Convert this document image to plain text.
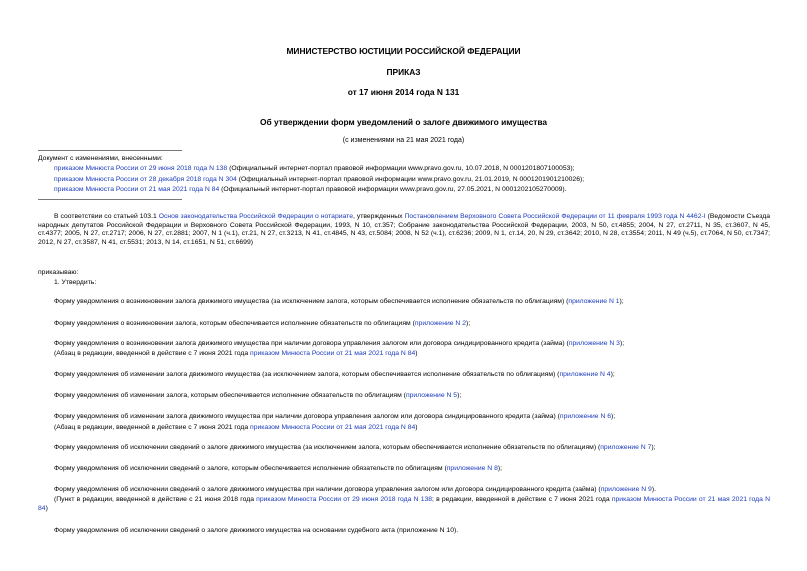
МИНИСТЕРСТВО ЮСТИЦИИ РОССИЙСКОЙ ФЕДЕРАЦИИ
ПРИКАЗ
от 17 июня 2014 года N 131
Об утверждении форм уведомлений о залоге движимого имущества
(с изменениями на 21 мая 2021 года)
Документ с изменениями, внесенными:
приказом Минюста России от 29 июня 2018 года N 138 (Официальный интернет-портал правовой информации www.pravo.gov.ru, 10.07.2018, N 0001201807100053);
приказом Минюста России от 28 декабря 2018 года N 304 (Официальный интернет-портал правовой информации www.pravo.gov.ru, 21.01.2019, N 0001201901210026);
приказом Минюста России от 21 мая 2021 года N 84 (Официальный интернет-портал правовой информации www.pravo.gov.ru, 27.05.2021, N 0001202105270009).
В соответствии со статьей 103.1 Основ законодательства Российской Федерации о нотариате, утвержденных Постановлением Верховного Совета Российской Федерации от 11 февраля 1993 года N 4462-I (Ведомости Съезда народных депутатов Российской Федерации и Верховного Совета Российской Федерации, 1993, N 10, ст.357; Собрание законодательства Российской Федерации, 2003, N 50, ст.4855; 2004, N 27, ст.2711, N 35, ст.3607, N 45, ст.4377; 2005, N 27, ст.2717; 2006, N 27, ст.2881; 2007, N 1 (ч.1), ст.21, N 27, ст.3213, N 41, ст.4845, N 43, ст.5084; 2008, N 52 (ч.1), ст.6236; 2009, N 1, ст.14, 20, N 29, ст.3642; 2010, N 28, ст.3554; 2011, N 49 (ч.5), ст.7064, N 50, ст.7347; 2012, N 27, ст.3587, N 41, ст.5531; 2013, N 14, ст.1651, N 51, ст.6699)
приказываю:
1. Утвердить:
Форму уведомления о возникновении залога движимого имущества (за исключением залога, которым обеспечивается исполнение обязательств по облигациям) (приложение N 1);
Форму уведомления о возникновении залога, которым обеспечивается исполнение обязательств по облигациям (приложение N 2);
Форму уведомления о возникновении залога движимого имущества при наличии договора управления залогом или договора синдицированного кредита (займа) (приложение N 3);
(Абзац в редакции, введенной в действие с 7 июня 2021 года приказом Минюста России от 21 мая 2021 года N 84)
Форму уведомления об изменении залога движимого имущества (за исключением залога, которым обеспечивается исполнение обязательств по облигациям) (приложение N 4);
Форму уведомления об изменении залога, которым обеспечивается исполнение обязательств по облигациям (приложение N 5);
Форму уведомления об изменении залога движимого имущества при наличии договора управления залогом или договора синдицированного кредита (займа) (приложение N 6);
(Абзац в редакции, введенной в действие с 7 июня 2021 года приказом Минюста России от 21 мая 2021 года N 84)
Форму уведомления об исключении сведений о залоге движимого имущества (за исключением залога, которым обеспечивается исполнение обязательств по облигациям) (приложение N 7);
Форму уведомления об исключении сведений о залоге, которым обеспечивается исполнение обязательств по облигациям (приложение N 8);
Форму уведомления об исключении сведений о залоге движимого имущества при наличии договора управления залогом или договора синдицированного кредита (займа) (приложение N 9).
(Пункт в редакции, введенной в действие с 21 июня 2018 года приказом Минюста России от 29 июня 2018 года N 138; в редакции, введенной в действие с 7 июня 2021 года приказом Минюста России от 21 мая 2021 года N 84)
Форму уведомления об исключении сведений о залоге движимого имущества на основании судебного акта (приложение N 10).
